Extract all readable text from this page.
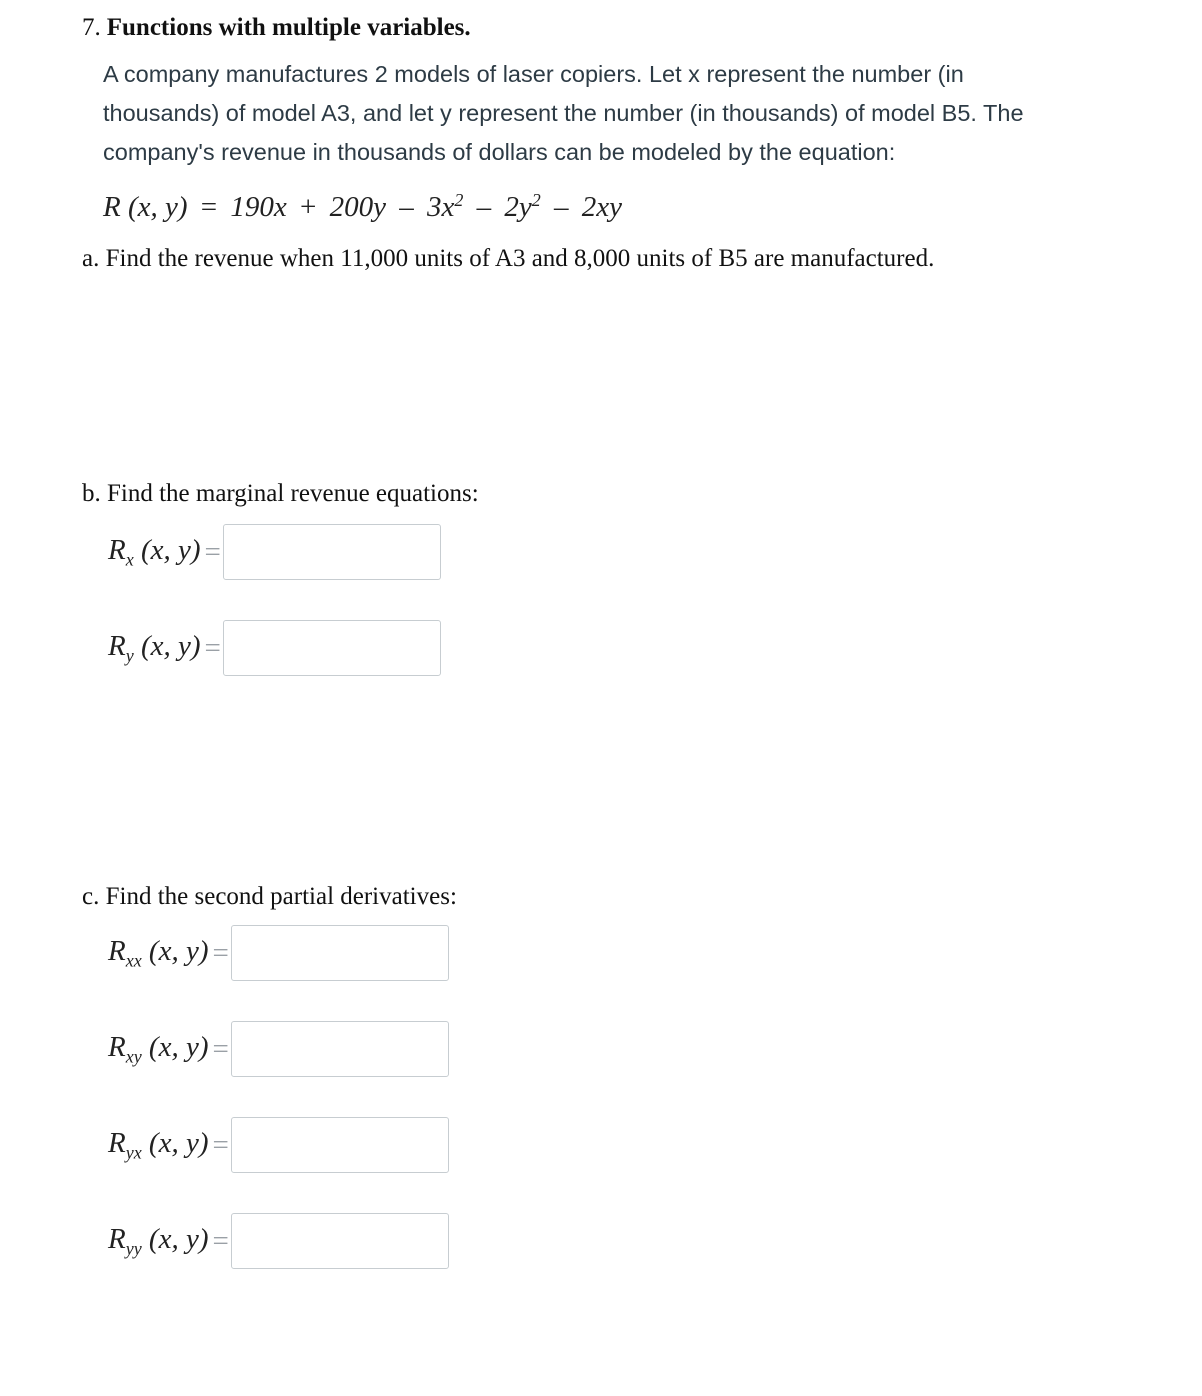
7. Functions with multiple variables.
A company manufactures 2 models of laser copiers. Let x represent the number (in
thousands) of model A3, and let y represent the number (in thousands) of model B5. The
company's revenue in thousands of dollars can be modeled by the equation:
R (x, $y) = 190x + 200y - 3x^2 - 2y^2 - 2xy$
a. Find the revenue when 11,000 units of A3 and 8,000 units of B5 are manufactured.
b. Find the marginal revenue equations:
$R_x$ (x, y) =
$R_y$ (x, y) =
c. Find the second partial derivatives:
$R_{xx}$ (x, y) =
$R_{xy}$ (x, y) =
$R_{yx}$ (x, y) =
$R_{yy}$ (x, y) =
